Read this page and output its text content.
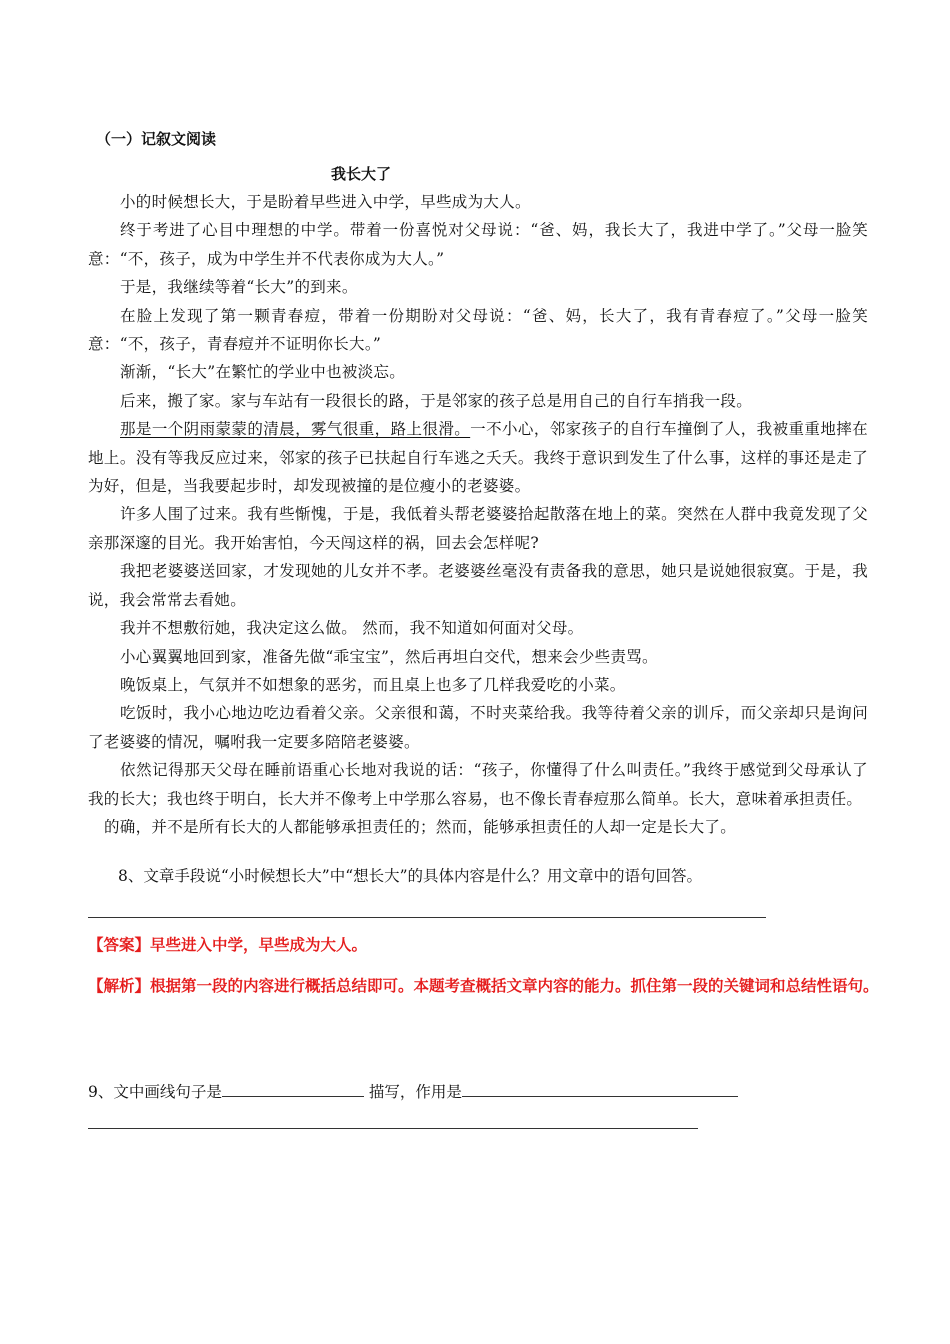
（一）记叙文阅读
我长大了

小的时候想长大，于是盼着早些进入中学，早些成为大人。

终于考进了心目中理想的中学。带着一份喜悦对父母说：“爸、妈，我长大了，我进中学了。”父母一脸笑意：“不，孩子，成为中学生并不代表你成为大人。”

于是，我继续等着“长大”的到来。

在脸上发现了第一颗青春痘，带着一份期盼对父母说：“爸、妈，长大了，我有青春痘了。”父母一脸笑意：“不，孩子，青春痘并不证明你长大。”

渐渐，“长大”在繁忙的学业中也被淡忘。

后来，搬了家。家与车站有一段很长的路，于是邻家的孩子总是用自己的自行车捎我一段。

那是一个阴雨蒙蒙的清晨，雾气很重，路上很滑。一不小心，邻家孩子的自行车撞倒了人，我被重重地摔在地上。没有等我反应过来，邻家的孩子已扶起自行车逃之夭夭。我终于意识到发生了什么事，这样的事还是走了为好，但是，当我要起步时，却发现被撞的是位瘦小的老婆婆。

许多人围了过来。我有些惭愧，于是，我低着头帮老婆婆拾起散落在地上的菜。突然在人群中我竟发现了父亲那深邃的目光。我开始害怕，今天闯这样的祸，回去会怎样呢?

我把老婆婆送回家，才发现她的儿女并不孝。老婆婆丝毫没有责备我的意思，她只是说她很寂寞。于是，我说，我会常常去看她。

我并不想敷衍她，我决定这么做。 然而，我不知道如何面对父母。

小心翼翼地回到家，准备先做“乖宝宝”，然后再坦白交代，想来会少些责骂。

晚饭桌上，气氛并不如想象的恶劣，而且桌上也多了几样我爱吃的小菜。

吃饭时，我小心地边吃边看着父亲。父亲很和蔼，不时夹菜给我。我等待着父亲的训斥，而父亲却只是询问了老婆婆的情况，嘱咐我一定要多陪陪老婆婆。

依然记得那天父母在睡前语重心长地对我说的话：“孩子，你懂得了什么叫责任。”我终于感觉到父母承认了我的长大；我也终于明白，长大并不像考上中学那么容易，也不像长青春痘那么简单。长大，意味着承担责任。

的确，并不是所有长大的人都能够承担责任的；然而，能够承担责任的人却一定是长大了。

8、文章手段说“小时候想长大”中“想长大”的具体内容是什么？用文章中的语句回答。
【答案】早些进入中学，早些成为大人。
【解析】根据第一段的内容进行概括总结即可。本题考查概括文章内容的能力。抓住第一段的关键词和总结性语句。
9、文中画线句子是	描写，作用是
